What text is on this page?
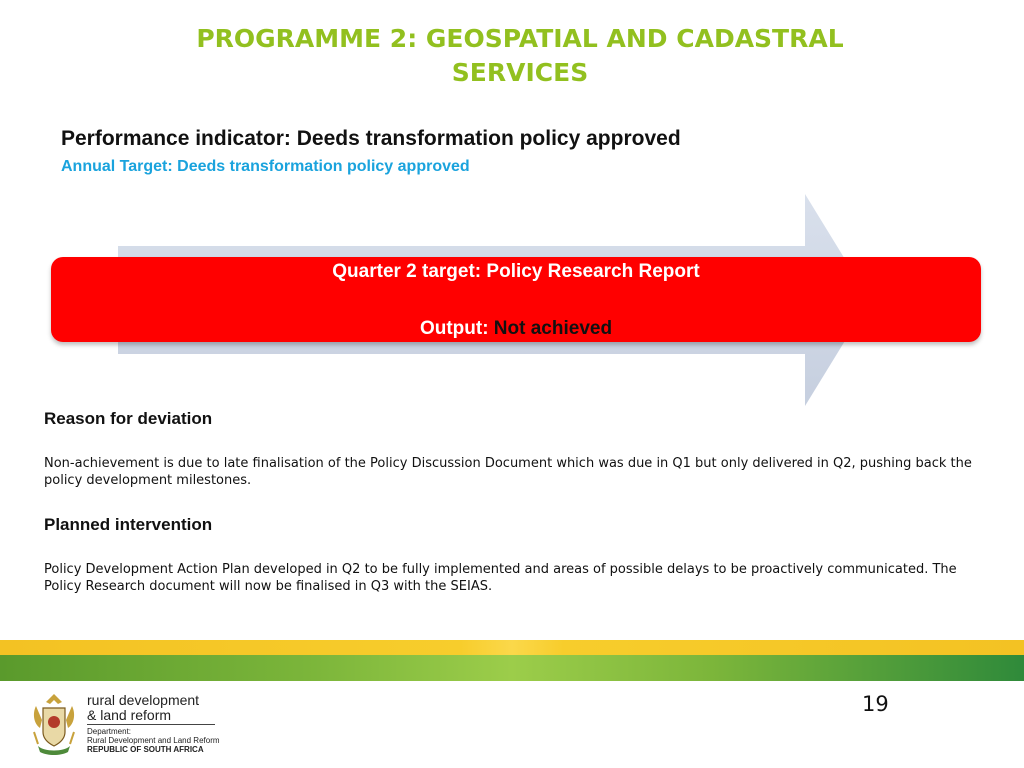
PROGRAMME 2: GEOSPATIAL AND CADASTRAL
SERVICES

Performance indicator: Deeds transformation policy approved

Annual Target: Deeds transformation policy approved

Quarter 2 target: Policy Research Report
Output: Not achieved
Reason for deviation

Non-achievement is due to late finalisation of the Policy Discussion Document which was due in Q1 but only delivered in Q2, pushing back the policy development milestones.

Planned intervention

Policy Development Action Plan developed in Q2 to be fully implemented and areas of possible delays to be proactively communicated. The Policy Research document will now be finalised in Q3 with the SEIAS.

19
rural development
& land reform
Department:
Rural Development and Land Reform
REPUBLIC OF SOUTH AFRICA
